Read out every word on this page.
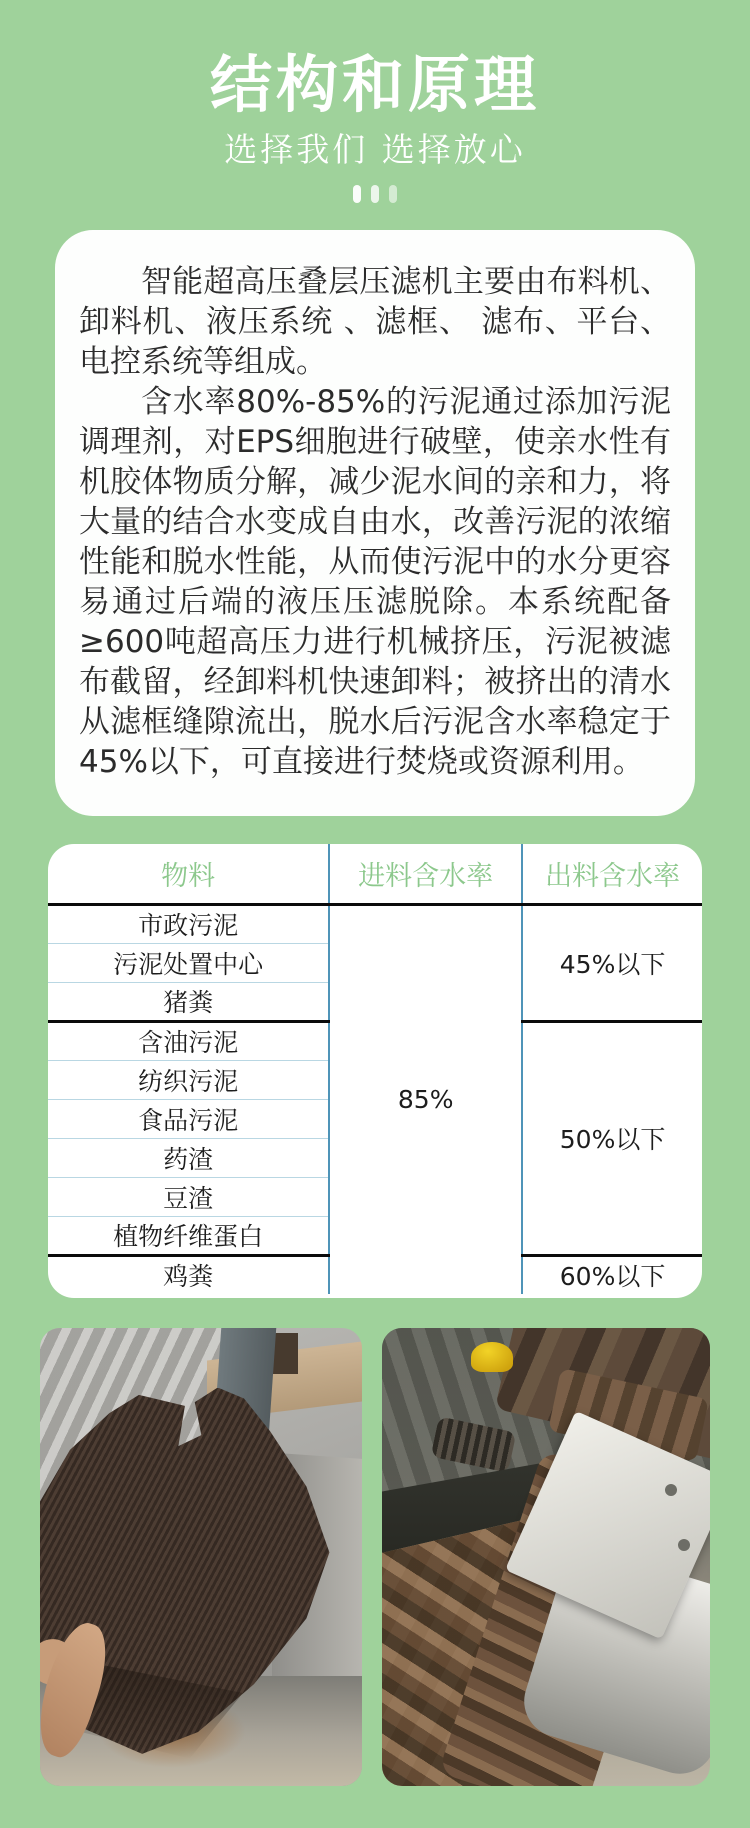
结构和原理
选择我们 选择放心

智能超高压叠层压滤机主要由布料机、卸料机、液压系统 、滤框、 滤布、平台、 电控系统等组成。

含水率80%-85%的污泥通过添加污泥调理剂，对EPS细胞进行破壁，使亲水性有机胶体物质分解，减少泥水间的亲和力，将大量的结合水变成自由水，改善污泥的浓缩性能和脱水性能，从而使污泥中的水分更容易通过后端的液压压滤脱除。本系统配备≥600吨超高压力进行机械挤压，污泥被滤布截留，经卸料机快速卸料；被挤出的清水从滤框缝隙流出，脱水后污泥含水率稳定于45%以下，可直接进行焚烧或资源利用。

物料	进料含水率	出料含水率
市政污泥	85%	45%以下
污泥处置中心		
猪粪		
含油污泥		50%以下
纺织污泥		
食品污泥		
药渣		
豆渣		
植物纤维蛋白		
鸡粪		60%以下
